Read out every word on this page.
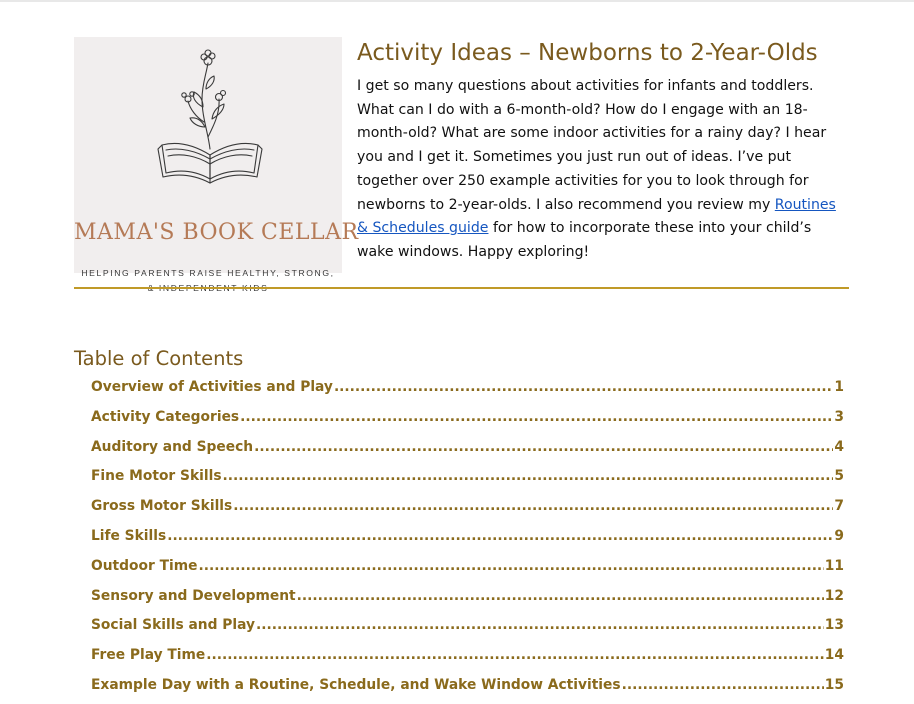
MAMA'S BOOK CELLAR
HELPING PARENTS RAISE HEALTHY, STRONG,
Activity Ideas – Newborns to 2-Year-Olds

I get so many questions about activities for infants and toddlers. What can I do with a 6-month-old? How do I engage with an 18-month-old? What are some indoor activities for a rainy day? I hear you and I get it. Sometimes you just run out of ideas. I’ve put together over 250 example activities for you to look through for newborns to 2-year-olds. I also recommend you review my Routines & Schedules guide for how to incorporate these into your child’s wake windows. Happy exploring!

Table of Contents
Overview of Activities and Play .....	1
Activity Categories .....	3
Auditory and Speech .....	4
Fine Motor Skills .....	5
Gross Motor Skills .....	7
Life Skills .....	9
Outdoor Time .....	11
Sensory and Development .....	12
Social Skills and Play .....	13
Free Play Time .....	14
Example Day with a Routine, Schedule, and Wake Window Activities .....	15
